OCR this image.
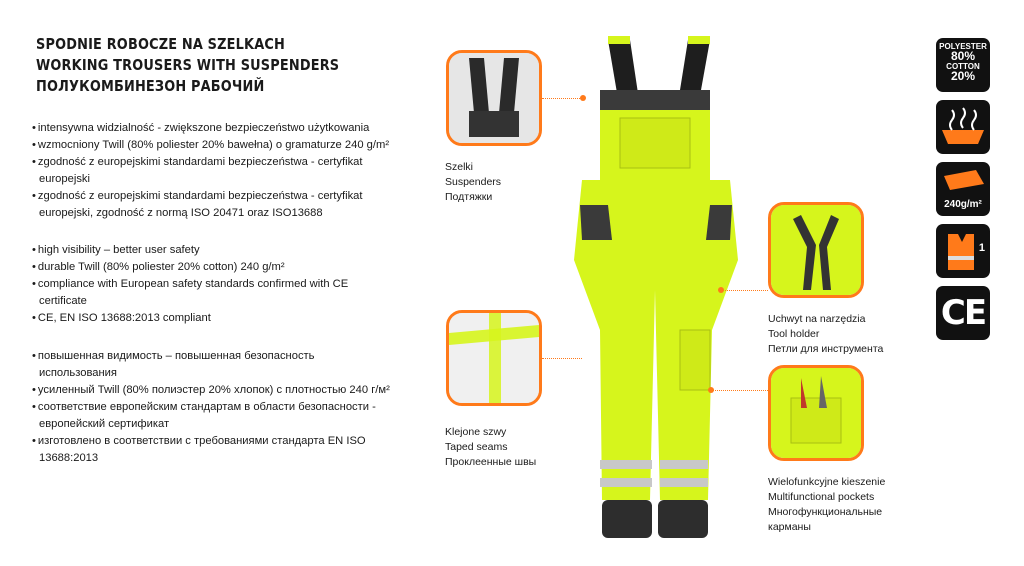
SPODNIE ROBOCZE NA SZELKACH
WORKING TROUSERS WITH SUSPENDERS
ПОЛУКОМБИНЕЗОН РАБОЧИЙ
• intensywna widzialność - zwiększone bezpieczeństwo użytkowania
• wzmocniony Twill (80% poliester 20% bawełna) o gramaturze 240 g/m²
• zgodność z europejskimi standardami bezpieczeństwa - certyfikat europejski
• zgodność z europejskimi standardami bezpieczeństwa - certyfikat europejski, zgodność z normą ISO 20471 oraz ISO13688
• high visibility – better user safety
• durable Twill (80% poliester 20% cotton) 240 g/m²
• compliance with European safety standards confirmed with CE certificate
• CE, EN ISO 13688:2013 compliant
• повышенная видимость – повышенная безопасность использования
• усиленный Twill (80% полиэстер 20% хлопок) с плотностью 240 г/м²
• соответствие европейским стандартам в области безопасности - европейский сертификат
• изготовлено в соответствии с требованиями стандарта EN ISO 13688:2013
Szelki
Suspenders
Подтяжки
Klejone szwy
Taped seams
Проклеенные швы
Uchwyt na narzędzia
Tool holder
Петли для инструмента
Wielofunkcyjne kieszenie
Multifunctional pockets
Многофункциональные
карманы
POLYESTER
80%
COTTON
20%
240g/m²
1
CE
